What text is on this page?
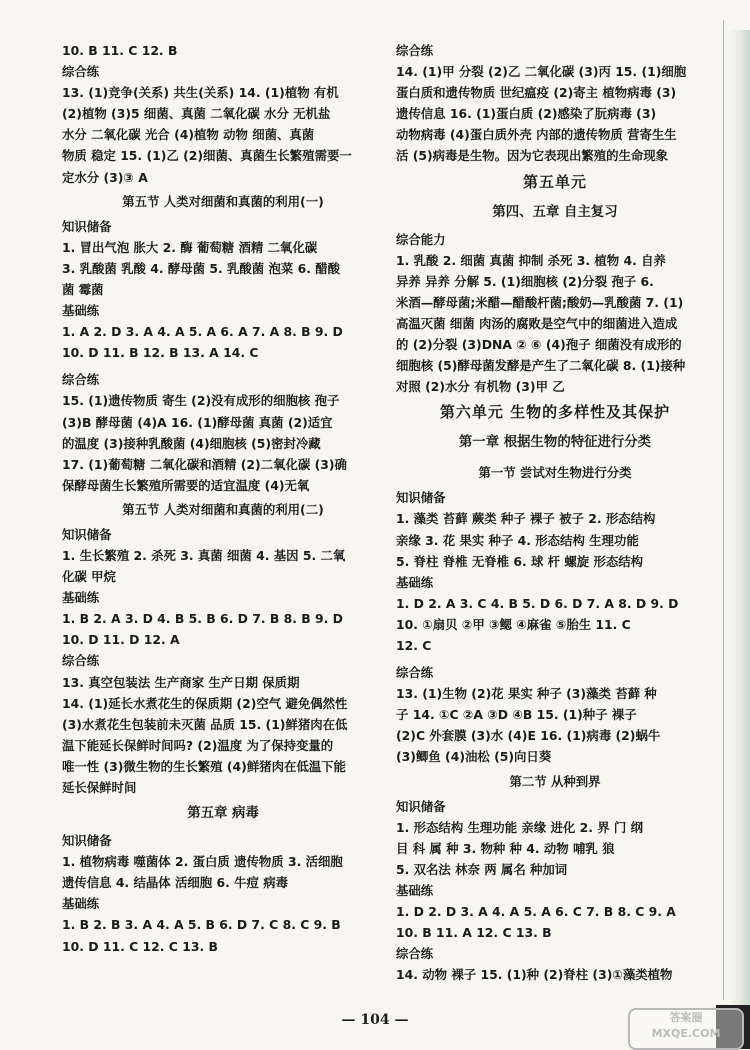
10. B 11. C 12. B
综合练
13. (1)竞争(关系) 共生(关系) 14. (1)植物 有机
(2)植物 (3)5 细菌、真菌 二氧化碳 水分 无机盐
水分 二氧化碳 光合 (4)植物 动物 细菌、真菌
物质 稳定 15. (1)乙 (2)细菌、真菌生长繁殖需要一
定水分 (3)③ A
第五节 人类对细菌和真菌的利用(一)
知识储备
1. 冒出气泡 胀大 2. 酶 葡萄糖 酒精 二氧化碳
3. 乳酸菌 乳酸 4. 酵母菌 5. 乳酸菌 泡菜 6. 醋酸
菌 霉菌
基础练
1. A 2. D 3. A 4. A 5. A 6. A 7. A 8. B 9. D
10. D 11. B 12. B 13. A 14. C
综合练
15. (1)遗传物质 寄生 (2)没有成形的细胞核 孢子
(3)B 酵母菌 (4)A 16. (1)酵母菌 真菌 (2)适宜
的温度 (3)接种乳酸菌 (4)细胞核 (5)密封冷藏
17. (1)葡萄糖 二氧化碳和酒精 (2)二氧化碳 (3)确
保酵母菌生长繁殖所需要的适宜温度 (4)无氧
第五节 人类对细菌和真菌的利用(二)
知识储备
1. 生长繁殖 2. 杀死 3. 真菌 细菌 4. 基因 5. 二氧
化碳 甲烷
基础练
1. B 2. A 3. D 4. B 5. B 6. D 7. B 8. B 9. D
10. D 11. D 12. A
综合练
13. 真空包装法 生产商家 生产日期 保质期
14. (1)延长水煮花生的保质期 (2)空气 避免偶然性
(3)水煮花生包装前未灭菌 品质 15. (1)鲜猪肉在低
温下能延长保鲜时间吗? (2)温度 为了保持变量的
唯一性 (3)微生物的生长繁殖 (4)鲜猪肉在低温下能
延长保鲜时间
第五章 病毒
知识储备
1. 植物病毒 噬菌体 2. 蛋白质 遗传物质 3. 活细胞
遗传信息 4. 结晶体 活细胞 6. 牛痘 病毒
基础练
1. B 2. B 3. A 4. A 5. B 6. D 7. C 8. C 9. B
10. D 11. C 12. C 13. B
综合练
14. (1)甲 分裂 (2)乙 二氧化碳 (3)丙 15. (1)细胞
蛋白质和遗传物质 世纪瘟疫 (2)寄主 植物病毒 (3)
遗传信息 16. (1)蛋白质 (2)感染了朊病毒 (3)
动物病毒 (4)蛋白质外壳 内部的遗传物质 营寄生生
活 (5)病毒是生物。因为它表现出繁殖的生命现象
第五单元
第四、五章 自主复习
综合能力
1. 乳酸 2. 细菌 真菌 抑制 杀死 3. 植物 4. 自养
异养 异养 分解 5. (1)细胞核 (2)分裂 孢子 6.
米酒—酵母菌;米醋—醋酸杆菌;酸奶—乳酸菌 7. (1)
高温灭菌 细菌 肉汤的腐败是空气中的细菌进入造成
的 (2)分裂 (3)DNA ② ⑥ (4)孢子 细菌没有成形的
细胞核 (5)酵母菌发酵是产生了二氧化碳 8. (1)接种
对照 (2)水分 有机物 (3)甲 乙
第六单元 生物的多样性及其保护
第一章 根据生物的特征进行分类
第一节 尝试对生物进行分类
知识储备
1. 藻类 苔藓 蕨类 种子 裸子 被子 2. 形态结构
亲缘 3. 花 果实 种子 4. 形态结构 生理功能
5. 脊柱 脊椎 无脊椎 6. 球 杆 螺旋 形态结构
基础练
1. D 2. A 3. C 4. B 5. D 6. D 7. A 8. D 9. D
10. ①扇贝 ②甲 ③鳃 ④麻雀 ⑤胎生 11. C
12. C
综合练
13. (1)生物 (2)花 果实 种子 (3)藻类 苔藓 种
子 14. ①C ②A ③D ④B 15. (1)种子 裸子
(2)C 外套膜 (3)水 (4)E 16. (1)病毒 (2)蜗牛
(3)鲫鱼 (4)油松 (5)向日葵
第二节 从种到界
知识储备
1. 形态结构 生理功能 亲缘 进化 2. 界 门 纲
目 科 属 种 3. 物种 种 4. 动物 哺乳 狼
5. 双名法 林奈 两 属名 种加词
基础练
1. D 2. D 3. A 4. A 5. A 6. C 7. B 8. C 9. A
10. B 11. A 12. C 13. B
综合练
14. 动物 裸子 15. (1)种 (2)脊柱 (3)①藻类植物
— 104 —	答案圈
MXQE.COM
